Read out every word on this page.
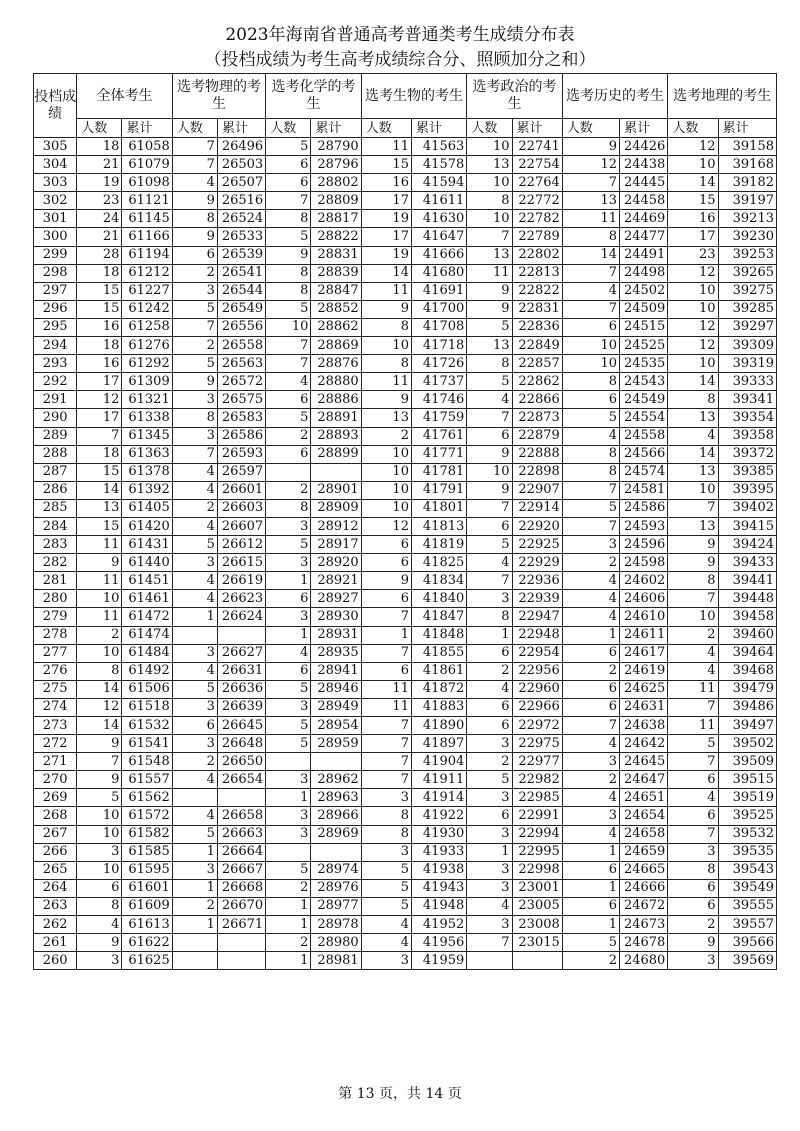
2023年海南省普通高考普通类考生成绩分布表
（投档成绩为考生高考成绩综合分、照顾加分之和）
投档成绩	全体考生		选考物理的考生		选考化学的考生		选考生物的考生		选考政治的考生		选考历史的考生		选考地理的考生	
	人数	累计	人数	累计	人数	累计	人数	累计	人数	累计	人数	累计	人数	累计
305	18	61058	7	26496	5	28790	11	41563	10	22741	9	24426	12	39158
304	21	61079	7	26503	6	28796	15	41578	13	22754	12	24438	10	39168
303	19	61098	4	26507	6	28802	16	41594	10	22764	7	24445	14	39182
302	23	61121	9	26516	7	28809	17	41611	8	22772	13	24458	15	39197
301	24	61145	8	26524	8	28817	19	41630	10	22782	11	24469	16	39213
300	21	61166	9	26533	5	28822	17	41647	7	22789	8	24477	17	39230
299	28	61194	6	26539	9	28831	19	41666	13	22802	14	24491	23	39253
298	18	61212	2	26541	8	28839	14	41680	11	22813	7	24498	12	39265
297	15	61227	3	26544	8	28847	11	41691	9	22822	4	24502	10	39275
296	15	61242	5	26549	5	28852	9	41700	9	22831	7	24509	10	39285
295	16	61258	7	26556	10	28862	8	41708	5	22836	6	24515	12	39297
294	18	61276	2	26558	7	28869	10	41718	13	22849	10	24525	12	39309
293	16	61292	5	26563	7	28876	8	41726	8	22857	10	24535	10	39319
292	17	61309	9	26572	4	28880	11	41737	5	22862	8	24543	14	39333
291	12	61321	3	26575	6	28886	9	41746	4	22866	6	24549	8	39341
290	17	61338	8	26583	5	28891	13	41759	7	22873	5	24554	13	39354
289	7	61345	3	26586	2	28893	2	41761	6	22879	4	24558	4	39358
288	18	61363	7	26593	6	28899	10	41771	9	22888	8	24566	14	39372
287	15	61378	4	26597			10	41781	10	22898	8	24574	13	39385
286	14	61392	4	26601	2	28901	10	41791	9	22907	7	24581	10	39395
285	13	61405	2	26603	8	28909	10	41801	7	22914	5	24586	7	39402
284	15	61420	4	26607	3	28912	12	41813	6	22920	7	24593	13	39415
283	11	61431	5	26612	5	28917	6	41819	5	22925	3	24596	9	39424
282	9	61440	3	26615	3	28920	6	41825	4	22929	2	24598	9	39433
281	11	61451	4	26619	1	28921	9	41834	7	22936	4	24602	8	39441
280	10	61461	4	26623	6	28927	6	41840	3	22939	4	24606	7	39448
279	11	61472	1	26624	3	28930	7	41847	8	22947	4	24610	10	39458
278	2	61474			1	28931	1	41848	1	22948	1	24611	2	39460
277	10	61484	3	26627	4	28935	7	41855	6	22954	6	24617	4	39464
276	8	61492	4	26631	6	28941	6	41861	2	22956	2	24619	4	39468
275	14	61506	5	26636	5	28946	11	41872	4	22960	6	24625	11	39479
274	12	61518	3	26639	3	28949	11	41883	6	22966	6	24631	7	39486
273	14	61532	6	26645	5	28954	7	41890	6	22972	7	24638	11	39497
272	9	61541	3	26648	5	28959	7	41897	3	22975	4	24642	5	39502
271	7	61548	2	26650			7	41904	2	22977	3	24645	7	39509
270	9	61557	4	26654	3	28962	7	41911	5	22982	2	24647	6	39515
269	5	61562			1	28963	3	41914	3	22985	4	24651	4	39519
268	10	61572	4	26658	3	28966	8	41922	6	22991	3	24654	6	39525
267	10	61582	5	26663	3	28969	8	41930	3	22994	4	24658	7	39532
266	3	61585	1	26664			3	41933	1	22995	1	24659	3	39535
265	10	61595	3	26667	5	28974	5	41938	3	22998	6	24665	8	39543
264	6	61601	1	26668	2	28976	5	41943	3	23001	1	24666	6	39549
263	8	61609	2	26670	1	28977	5	41948	4	23005	6	24672	6	39555
262	4	61613	1	26671	1	28978	4	41952	3	23008	1	24673	2	39557
261	9	61622			2	28980	4	41956	7	23015	5	24678	9	39566
260	3	61625			1	28981	3	41959			2	24680	3	39569
第 13 页，共 14 页
